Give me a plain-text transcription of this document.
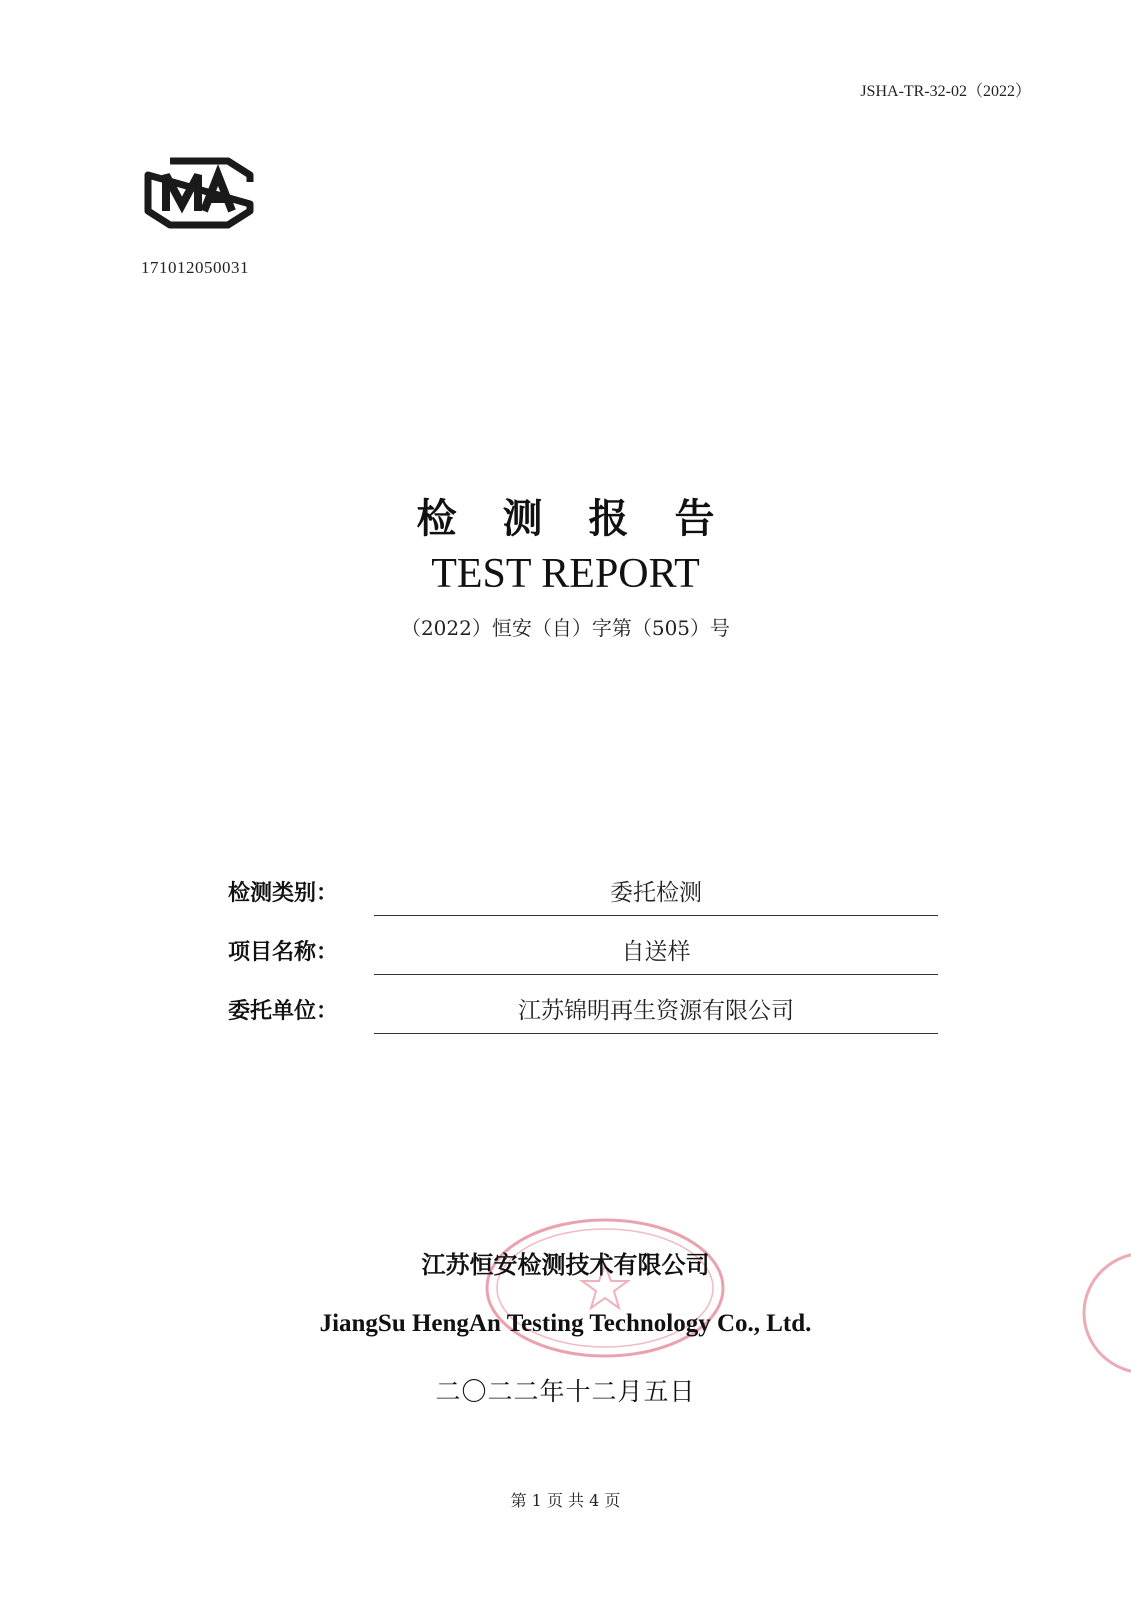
JSHA-TR-32-02（2022）
171012050031
检测报告
TEST REPORT
（2022）恒安（自）字第（505）号
检测类别：	委托检测
项目名称：	自送样
委托单位：	江苏锦明再生资源有限公司
江苏恒安检测技术有限公司
JiangSu HengAn Testing Technology Co., Ltd.
二〇二二年十二月五日
第 1 页 共 4 页
